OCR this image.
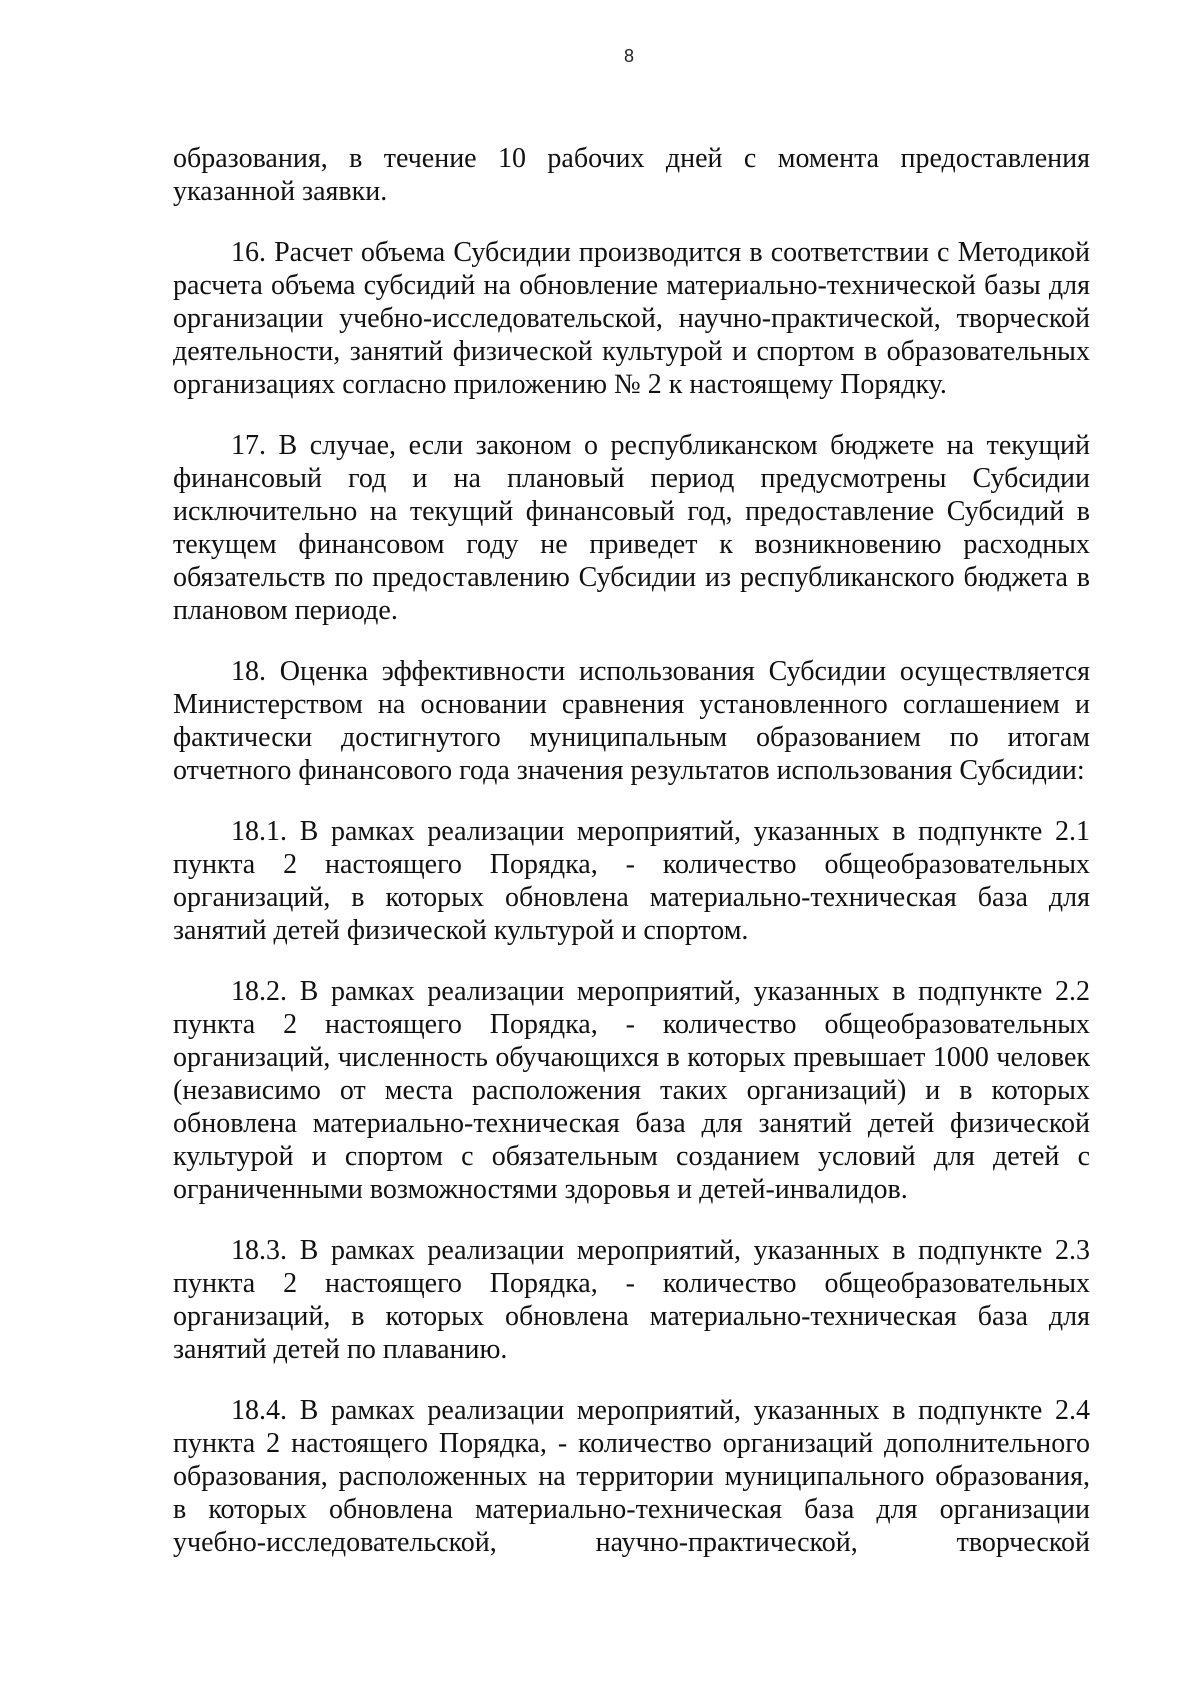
8

образования, в течение 10 рабочих дней с момента предоставления указанной заявки.

16. Расчет объема Субсидии производится в соответствии с Методикой расчета объема субсидий на обновление материально-технической базы для организации учебно-исследовательской, научно-практической, творческой деятельности, занятий физической культурой и спортом в образовательных организациях согласно приложению № 2 к настоящему Порядку.

17. В случае, если законом о республиканском бюджете на текущий финансовый год и на плановый период предусмотрены Субсидии исключительно на текущий финансовый год, предоставление Субсидий в текущем финансовом году не приведет к возникновению расходных обязательств по предоставлению Субсидии из республиканского бюджета в плановом периоде.

18. Оценка эффективности использования Субсидии осуществляется Министерством на основании сравнения установленного соглашением и фактически достигнутого муниципальным образованием по итогам отчетного финансового года значения результатов использования Субсидии:

18.1. В рамках реализации мероприятий, указанных в подпункте 2.1 пункта 2 настоящего Порядка, - количество общеобразовательных организаций, в которых обновлена материально-техническая база для занятий детей физической культурой и спортом.

18.2. В рамках реализации мероприятий, указанных в подпункте 2.2 пункта 2 настоящего Порядка, - количество общеобразовательных организаций, численность обучающихся в которых превышает 1000 человек (независимо от места расположения таких организаций) и в которых обновлена материально-техническая база для занятий детей физической культурой и спортом с обязательным созданием условий для детей с ограниченными возможностями здоровья и детей-инвалидов.

18.3. В рамках реализации мероприятий, указанных в подпункте 2.3 пункта 2 настоящего Порядка, - количество общеобразовательных организаций, в которых обновлена материально-техническая база для занятий детей по плаванию.

18.4. В рамках реализации мероприятий, указанных в подпункте 2.4 пункта 2 настоящего Порядка, - количество организаций дополнительного образования, расположенных на территории муниципального образования, в которых обновлена материально-техническая база для организации учебно-исследовательской, научно-практической, творческой
